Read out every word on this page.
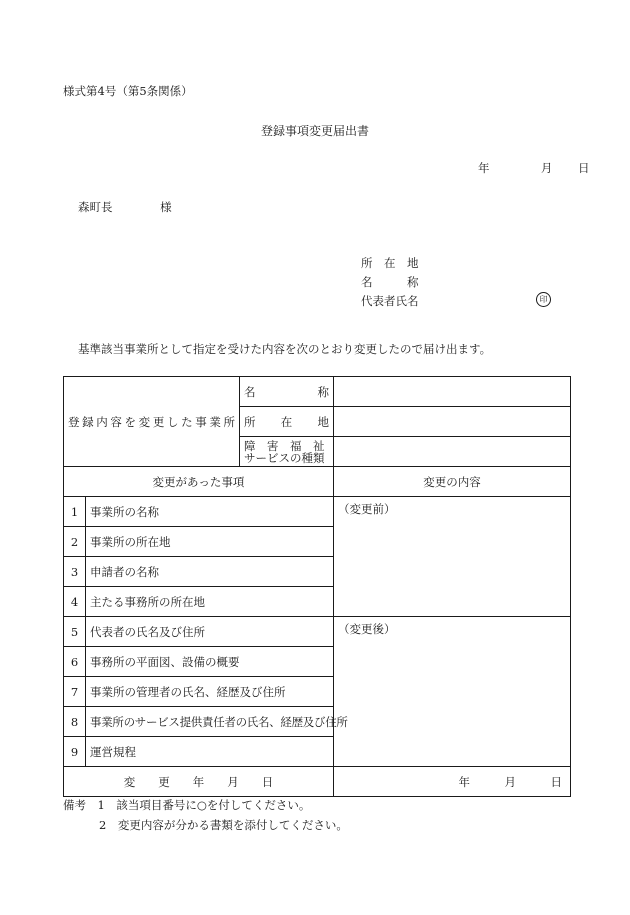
様式第4号（第5条関係）
登録事項変更届出書
年	月 日
森町長	様
所　在　地
名　　　称
代表者氏名	印
基準該当事業所として指定を受けた内容を次のとおり変更したので届け出ます。
登録内容を変更した事業所		名　　　　称	
		所　　在　　地	
		障　害　福　祉
サービスの種類	
変更があった事項			変更の内容
1	事業所の名称		（変更前）
2	事業所の所在地		
3	申請者の名称		
4	主たる事務所の所在地		
5	代表者の氏名及び住所		（変更後）
6	事務所の平面図、設備の概要		
7	事業所の管理者の氏名、経歴及び住所		
8	事業所のサービス提供責任者の氏名、経歴及び住所		
9	運営規程		
変　　更　　年　　月　　日			年　　　月　　　日
備考　 1　該当項目番号に○を付してください。
2　変更内容が分かる書類を添付してください。
